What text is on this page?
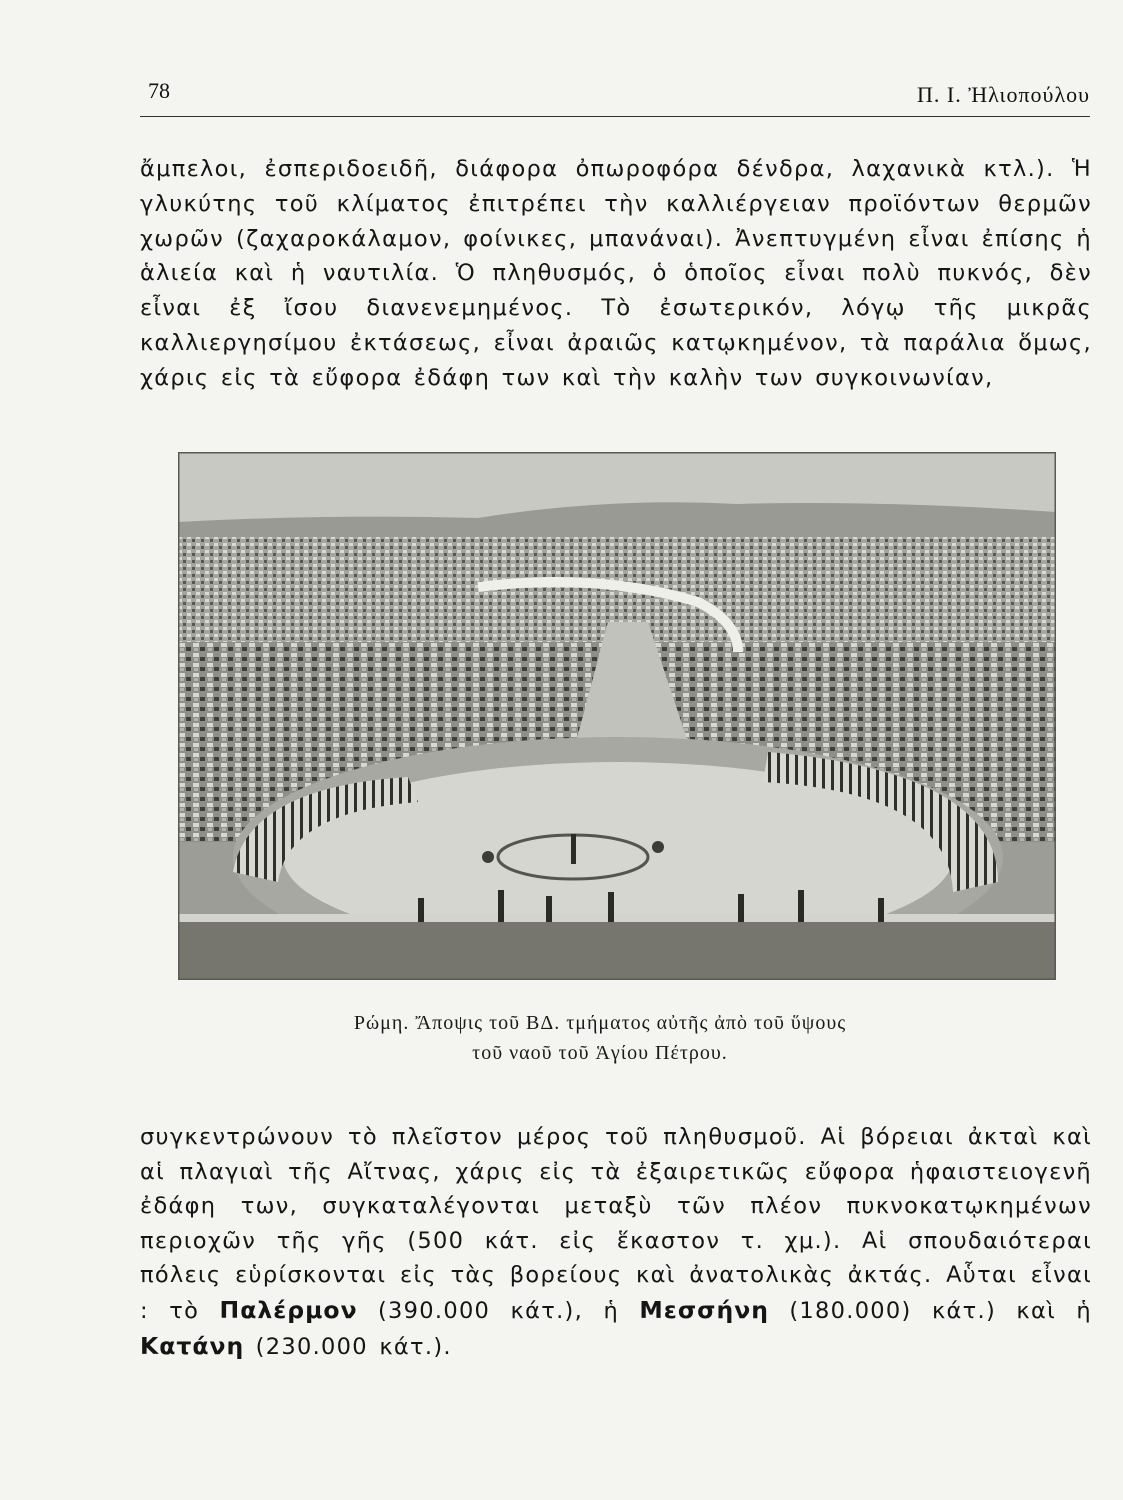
78	Π. Ι. Ἠλιοπούλου

ἄμπελοι, ἐσπεριδοειδῆ, διάφορα ὀπωροφόρα δένδρα, λαχανικὰ κτλ.). Ἡ γλυκύτης τοῦ κλίματος ἐπιτρέπει τὴν καλλιέργειαν προϊόντων θερμῶν χωρῶν (ζαχαροκάλαμον, φοίνικες, μπανάναι). Ἀνεπτυγμένη εἶναι ἐπίσης ἡ ἁλιεία καὶ ἡ ναυτιλία. Ὁ πληθυσμός, ὁ ὁποῖος εἶναι πολὺ πυκνός, δὲν εἶναι ἐξ ἴσου διανενεμημένος. Τὸ ἐσωτερικόν, λόγῳ τῆς μικρᾶς καλλιεργησίμου ἐκτάσεως, εἶναι ἀραιῶς κατῳκημένον, τὰ παράλια ὅμως, χάρις εἰς τὰ εὔφορα ἐδάφη των καὶ τὴν καλὴν των συγκοινωνίαν,

Ρώμη. Ἄποψις τοῦ ΒΔ. τμήματος αὐτῆς ἀπὸ τοῦ ὕψους
τοῦ ναοῦ τοῦ Ἁγίου Πέτρου.

συγκεντρώνουν τὸ πλεῖστον μέρος τοῦ πληθυσμοῦ. Αἱ βόρειαι ἀκταὶ καὶ αἱ πλαγιαὶ τῆς Αἴτνας, χάρις εἰς τὰ ἐξαιρετικῶς εὔφορα ἡφαιστειογενῆ ἐδάφη των, συγκαταλέγονται μεταξὺ τῶν πλέον πυκνοκατῳκημένων περιοχῶν τῆς γῆς (500 κάτ. εἰς ἕκαστον τ. χμ.). Αἱ σπουδαιότεραι πόλεις εὑρίσκονται εἰς τὰς βορείους καὶ ἀνατολικὰς ἀκτάς. Αὗται εἶναι : τὸ Παλέρμον (390.000 κάτ.), ἡ Μεσσήνη (180.000) κάτ.) καὶ ἡ Κατάνη (230.000 κάτ.).
